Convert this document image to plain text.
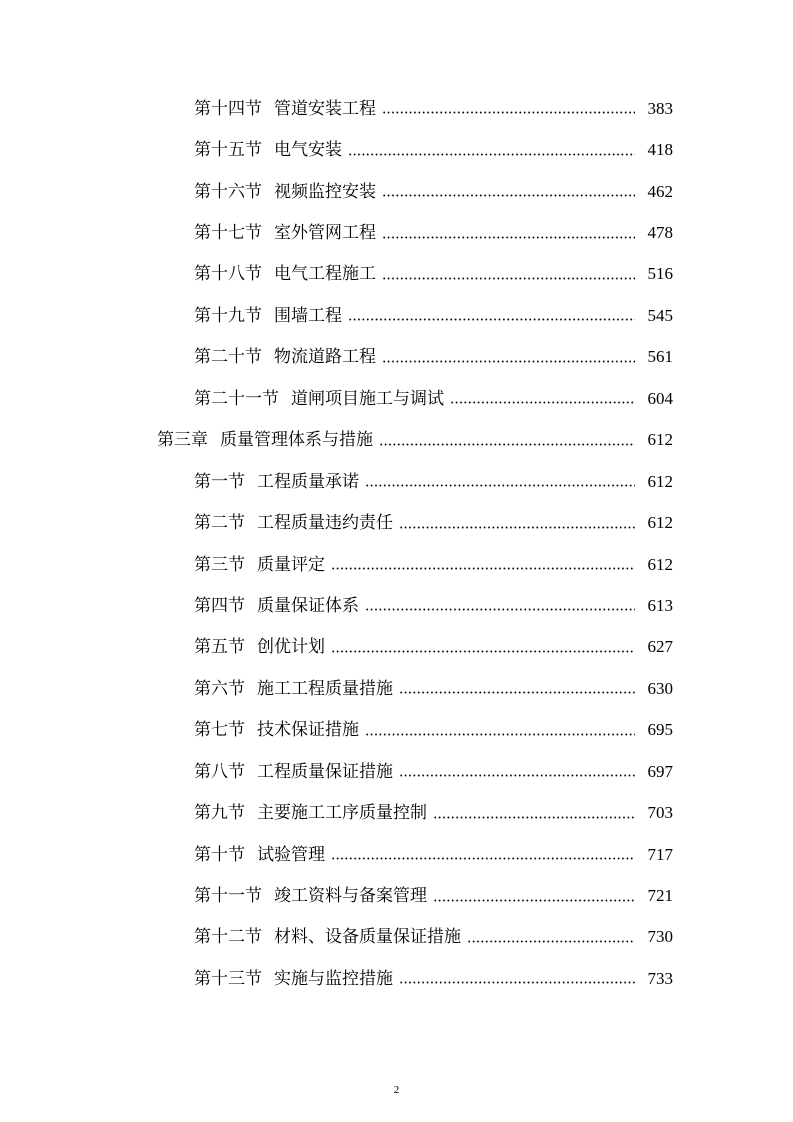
第十四节 管道安装工程	383
第十五节 电气安装	418
第十六节 视频监控安装	462
第十七节 室外管网工程	478
第十八节 电气工程施工	516
第十九节 围墙工程	545
第二十节 物流道路工程	561
第二十一节 道闸项目施工与调试	604
第三章 质量管理体系与措施	612
第一节 工程质量承诺	612
第二节 工程质量违约责任	612
第三节 质量评定	612
第四节 质量保证体系	613
第五节 创优计划	627
第六节 施工工程质量措施	630
第七节 技术保证措施	695
第八节 工程质量保证措施	697
第九节 主要施工工序质量控制	703
第十节 试验管理	717
第十一节 竣工资料与备案管理	721
第十二节 材料、设备质量保证措施	730
第十三节 实施与监控措施	733
2
